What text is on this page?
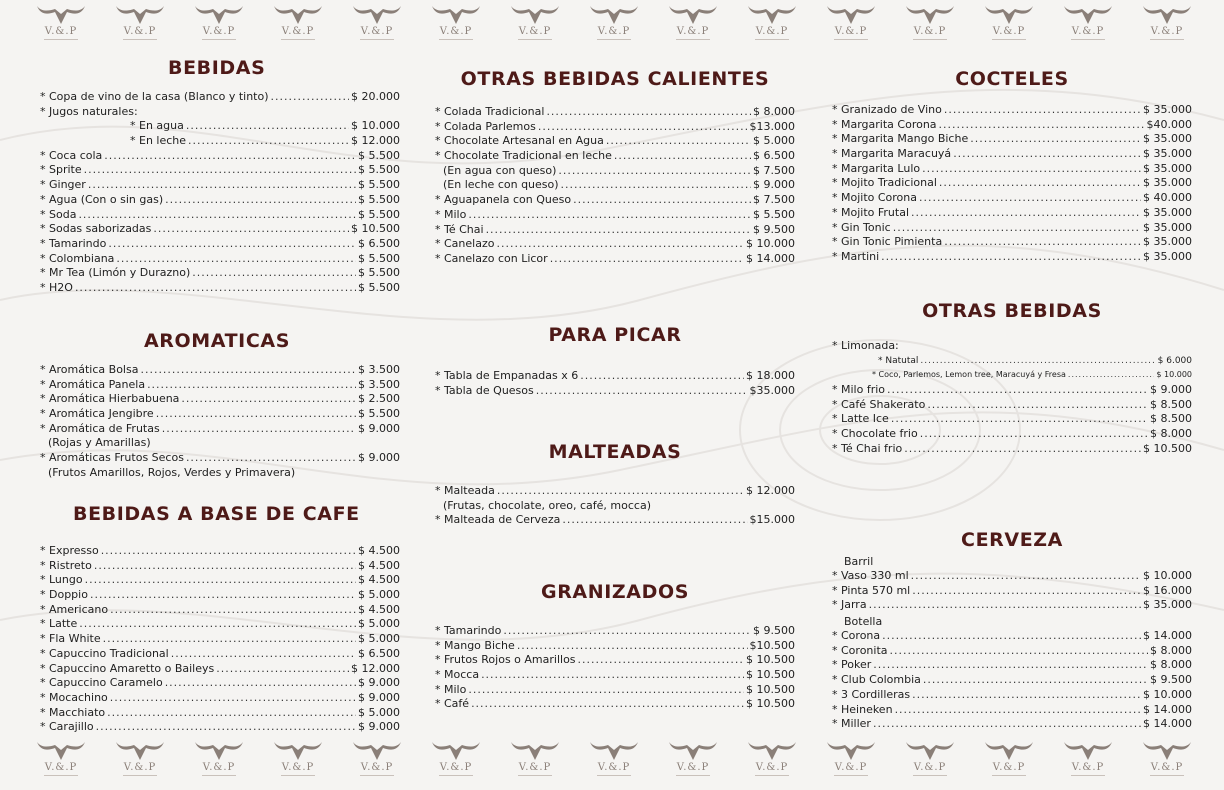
V.&.P	V.&.P	V.&.P	V.&.P	V.&.P	V.&.P	V.&.P	V.&.P	V.&.P	V.&.P	V.&.P	V.&.P	V.&.P	V.&.P	V.&.P
V.&.P	V.&.P	V.&.P	V.&.P	V.&.P	V.&.P	V.&.P	V.&.P	V.&.P	V.&.P	V.&.P	V.&.P	V.&.P	V.&.P	V.&.P
BEBIDAS
* Copa de vino de la casa (Blanco y tinto) .....	$ 20.000
* Jugos naturales:
* En agua .....	$ 10.000
* En leche .....	$ 12.000
* Coca cola .....	$ 5.500
* Sprite .....	$ 5.500
* Ginger .....	$ 5.500
* Agua (Con o sin gas) .....	$ 5.500
* Soda .....	$ 5.500
* Sodas saborizadas .....	$ 10.500
* Tamarindo .....	$ 6.500
* Colombiana .....	$ 5.500
* Mr Tea (Limón y Durazno) .....	$ 5.500
* H2O .....	$ 5.500
AROMATICAS
* Aromática Bolsa .....	$ 3.500
* Aromática Panela .....	$ 3.500
* Aromática Hierbabuena .....	$ 2.500
* Aromática Jengibre .....	$ 5.500
* Aromática de Frutas .....	$ 9.000
(Rojas y Amarillas)
* Aromáticas Frutos Secos .....	$ 9.000
(Frutos Amarillos, Rojos, Verdes y Primavera)
BEBIDAS A BASE DE CAFE
* Expresso .....	$ 4.500
* Ristreto .....	$ 4.500
* Lungo .....	$ 4.500
* Doppio .....	$ 5.000
* Americano .....	$ 4.500
* Latte .....	$ 5.000
* Fla White .....	$ 5.000
* Capuccino Tradicional .....	$ 6.500
* Capuccino Amaretto o Baileys .....	$ 12.000
* Capuccino Caramelo .....	$ 9.000
* Mocachino .....	$ 9.000
* Macchiato .....	$ 5.000
* Carajillo .....	$ 9.000
OTRAS BEBIDAS CALIENTES
* Colada Tradicional .....	$ 8.000
* Colada Parlemos .....	$13.000
* Chocolate Artesanal en Agua .....	$ 5.000
* Chocolate Tradicional en leche .....	$ 6.500
(En agua con queso) .....	$ 7.500
(En leche con queso) .....	$ 9.000
* Aguapanela con Queso .....	$ 7.500
* Milo .....	$ 5.500
* Té Chai .....	$ 9.500
* Canelazo .....	$ 10.000
* Canelazo con Licor .....	$ 14.000
PARA PICAR
* Tabla de Empanadas x 6 .....	$ 18.000
* Tabla de Quesos .....	$35.000
MALTEADAS
* Malteada .....	$ 12.000
(Frutas, chocolate, oreo, café, mocca)
* Malteada de Cerveza .....	$15.000
GRANIZADOS
* Tamarindo .....	$ 9.500
* Mango Biche .....	$10.500
* Frutos Rojos o Amarillos .....	$ 10.500
* Mocca .....	$ 10.500
* Milo .....	$ 10.500
* Café .....	$ 10.500
COCTELES
* Granizado de Vino .....	$ 35.000
* Margarita Corona .....	$40.000
* Margarita Mango Biche .....	$ 35.000
* Margarita Maracuyá .....	$ 35.000
* Margarita Lulo .....	$ 35.000
* Mojito Tradicional .....	$ 35.000
* Mojito Corona .....	$ 40.000
* Mojito Frutal .....	$ 35.000
* Gin Tonic .....	$ 35.000
* Gin Tonic Pimienta .....	$ 35.000
* Martini .....	$ 35.000
OTRAS BEBIDAS
* Limonada:
* Natutal .....	$ 6.000
* Coco, Parlemos, Lemon tree, Maracuyá y Fresa .....	$ 10.000
* Milo frio .....	$ 9.000
* Café Shakerato .....	$ 8.500
* Latte Ice .....	$ 8.500
* Chocolate frio .....	$ 8.000
* Té Chai frio .....	$ 10.500
CERVEZA
Barril
* Vaso 330 ml .....	$ 10.000
* Pinta 570 ml .....	$ 16.000
* Jarra .....	$ 35.000
Botella
* Corona .....	$ 14.000
* Coronita .....	$ 8.000
* Poker .....	$ 8.000
* Club Colombia .....	$ 9.500
* 3 Cordilleras .....	$ 10.000
* Heineken .....	$ 14.000
* Miller .....	$ 14.000
